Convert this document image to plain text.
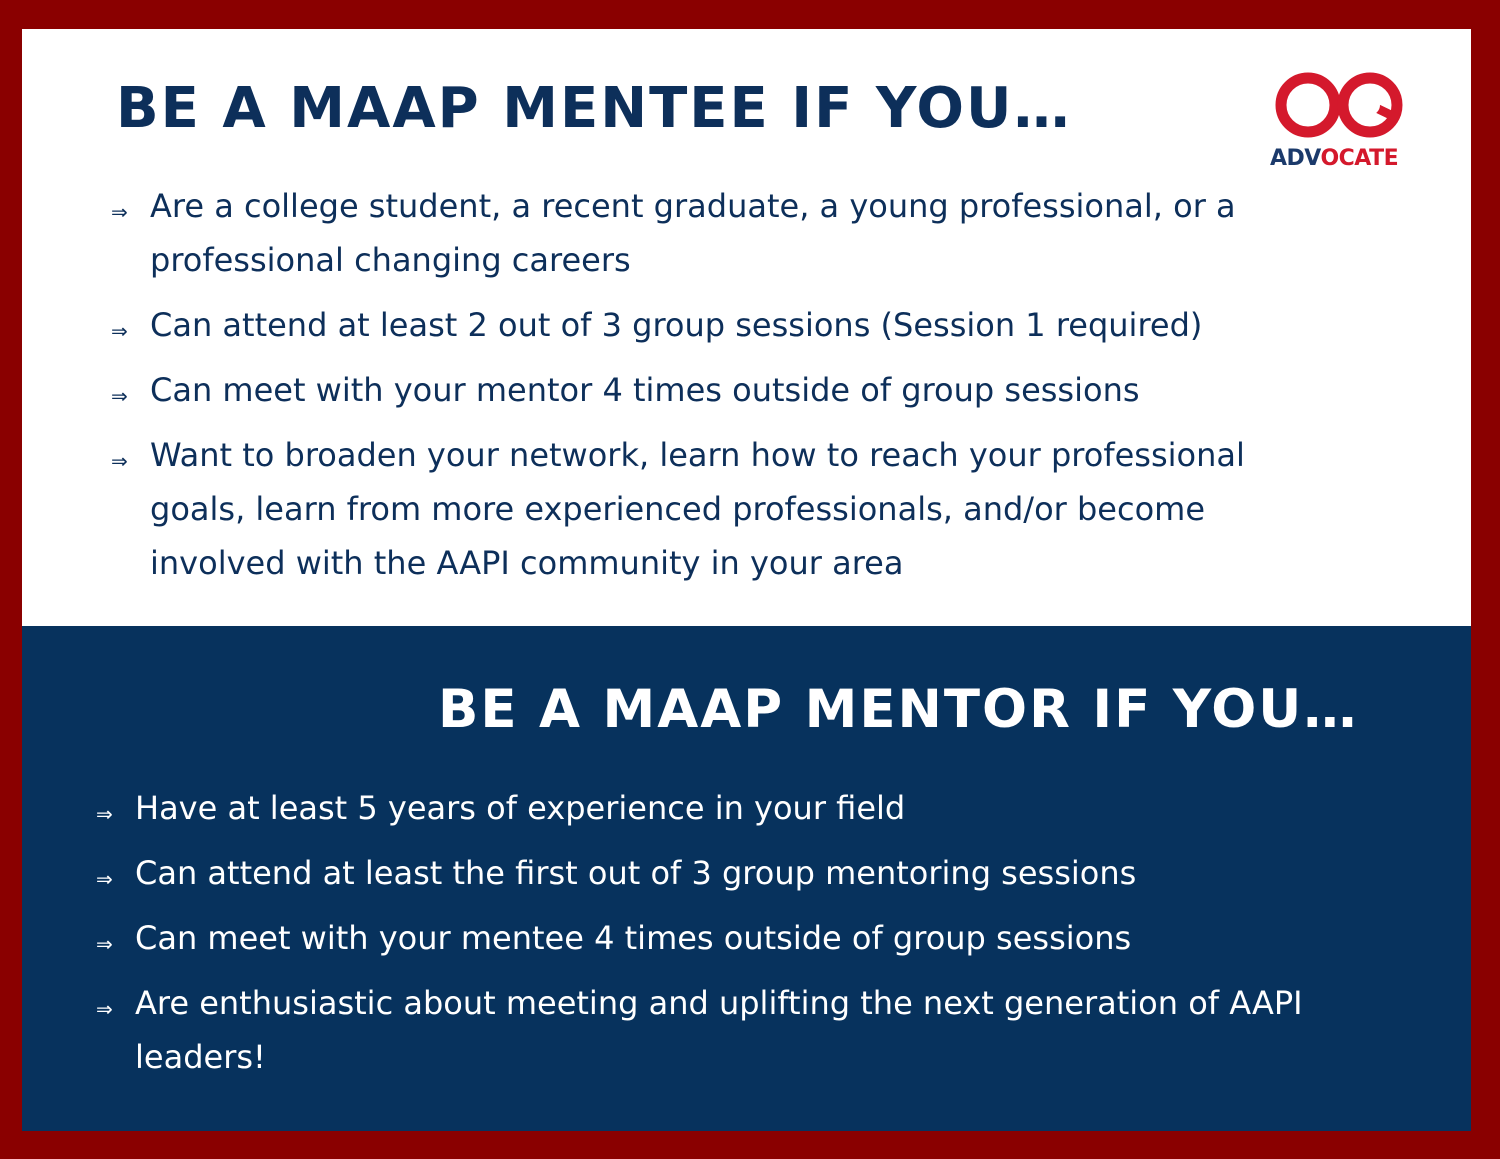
BE A MAAP MENTEE IF YOU…
ADVOCATE
⇒ Are a college student, a recent graduate, a young professional, or a professional changing careers
⇒ Can attend at least 2 out of 3 group sessions (Session 1 required)
⇒ Can meet with your mentor 4 times outside of group sessions
⇒ Want to broaden your network, learn how to reach your professional goals, learn from more experienced professionals, and/or become involved with the AAPI community in your area
BE A MAAP MENTOR IF YOU…
⇒ Have at least 5 years of experience in your field
⇒ Can attend at least the first out of 3 group mentoring sessions
⇒ Can meet with your mentee 4 times outside of group sessions
⇒ Are enthusiastic about meeting and uplifting the next generation of AAPI leaders!
